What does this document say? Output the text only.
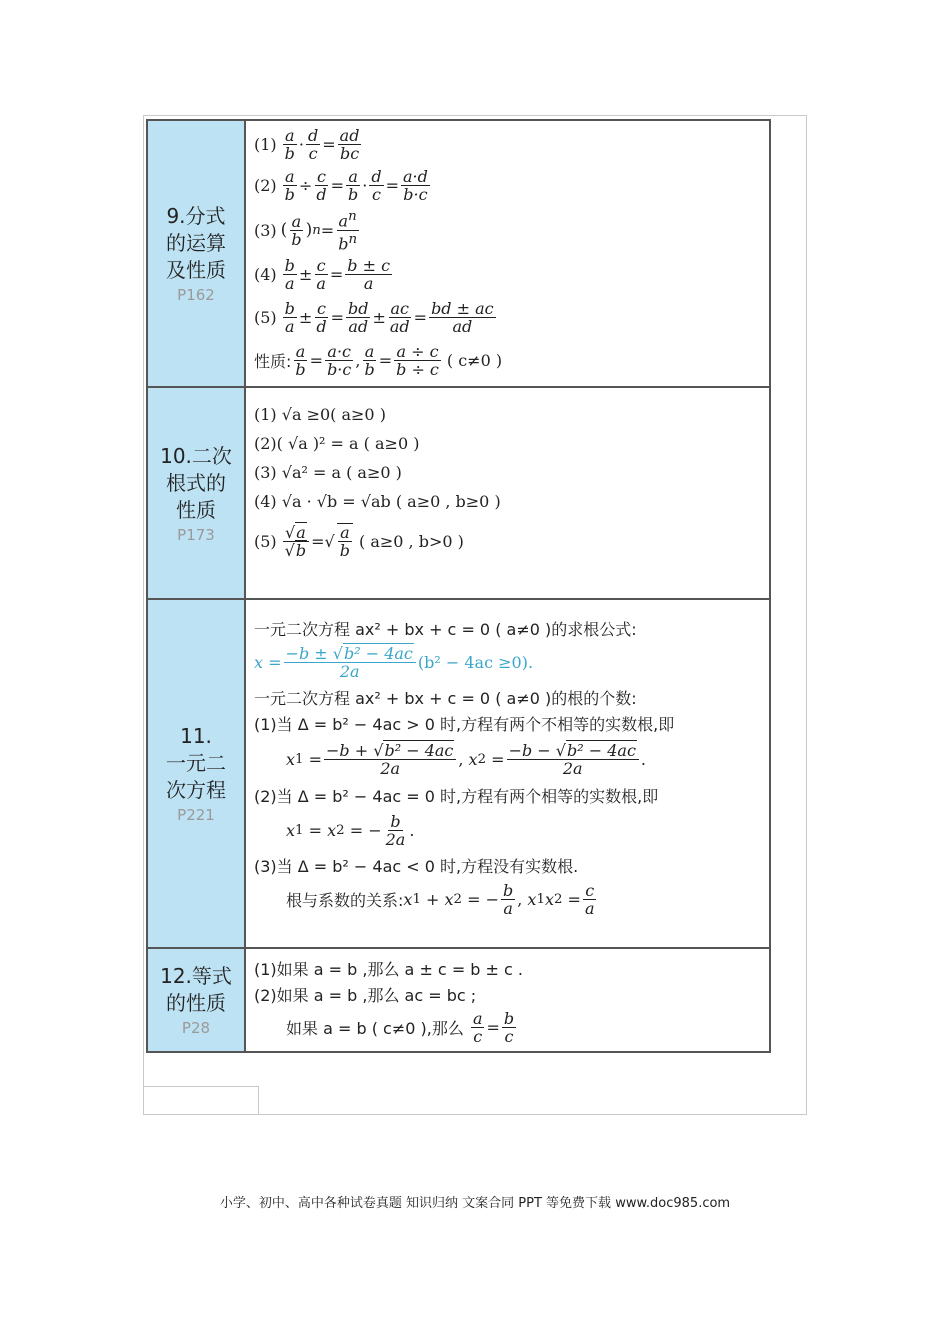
9.分式
的运算
及性质
P162
$(1) \frac{a}{b} \cdot \frac{d}{c} = \frac{ad}{bc}$
$(2) \frac{a}{b} \div \frac{c}{d} = \frac{a}{b} \cdot \frac{d}{c} = \frac{a\cdot d}{b\cdot c}$
(3) ( $\frac{a}{b}$ ) $n = \frac{a^n}{b^n}$
$(4) \frac{b}{a} \pm \frac{c}{a} = \frac{b \pm c}{a}$
$(5) \frac{b}{a} \pm \frac{c}{d} = \frac{bd}{ad} \pm \frac{ac}{ad} = \frac{bd \pm ac}{ad}$
性质: $\frac{a}{b} = \frac{a\cdot c}{b\cdot c}$ , $\frac{a}{b} = \frac{a \div c}{b \div c}$ ( c≠0 )
10.二次
根式的
性质
P173
(1) √a ≥0( a≥0 )
(2)( √a )² = a ( a≥0 )
(3) √a² = a ( a≥0 )
(4) √a · √b = √ab ( a≥0 , b≥0 )
$(5) \frac{√a}{√b}$ = √ $\frac{a}{b}$ ( a≥0 , b>0 )
11.
一元二
次方程
P221
一元二次方程 ax² + bx + c = 0 ( a≠0 )的求根公式:
$x = \frac{\text{−b ± √b² − 4ac}}{2a} (b^2 - 4ac \ge 0)$.
一元二次方程 ax² + bx + c = 0 ( a≠0 )的根的个数:
(1)当 Δ = b² − 4ac > 0 时,方程有两个不相等的实数根,即
x $1 = \frac{\text{−b + √b² − 4ac}}{2a}$ , x $2 = \frac{\text{−b − √b² − 4ac}}{2a}$ .
(2)当 Δ = b² − 4ac = 0 时,方程有两个相等的实数根,即
x 1 = x 2 = − $\frac{b}{2a}$ .
(3)当 Δ = b² − 4ac < 0 时,方程没有实数根.
根与系数的关系: x 1 + x 2 = − $\frac{b}{a}$ , x 1 x $2 = \frac{c}{a}$
12.等式
的性质
P28
(1)如果 a = b ,那么 a ± c = b ± c .
(2)如果 a = b ,那么 ac = bc ;
如果 a = b ( c≠0 ),那么
$\frac{a}{c} = \frac{b}{c}$
小学、初中、高中各种试卷真题 知识归纳 文案合同 PPT 等免费下载 www.doc985.com
